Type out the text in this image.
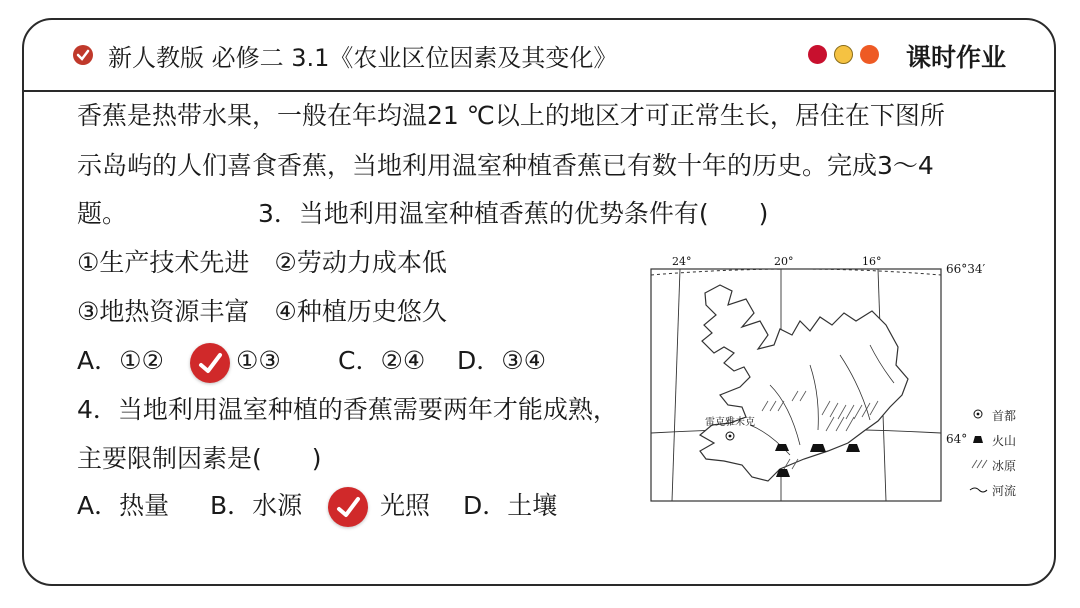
新人教版 必修二 3.1《农业区位因素及其变化》	课时作业
香蕉是热带水果，一般在年均温21 ℃以上的地区才可正常生长，居住在下图所
示岛屿的人们喜食香蕉，当地利用温室种植香蕉已有数十年的历史。完成3～4
题。	3．当地利用温室种植香蕉的优势条件有(　　)
①生产技术先进　②劳动力成本低
③地热资源丰富　④种植历史悠久
A．①②	①③ C．②④ D．③④
4．当地利用温室种植的香蕉需要两年才能成熟，
主要限制因素是(　　)
A．热量 B．水源	光照 D．土壤
雷克雅未克
24°	20°	16°
66°34′
64°
首都
火山
冰原
河流
